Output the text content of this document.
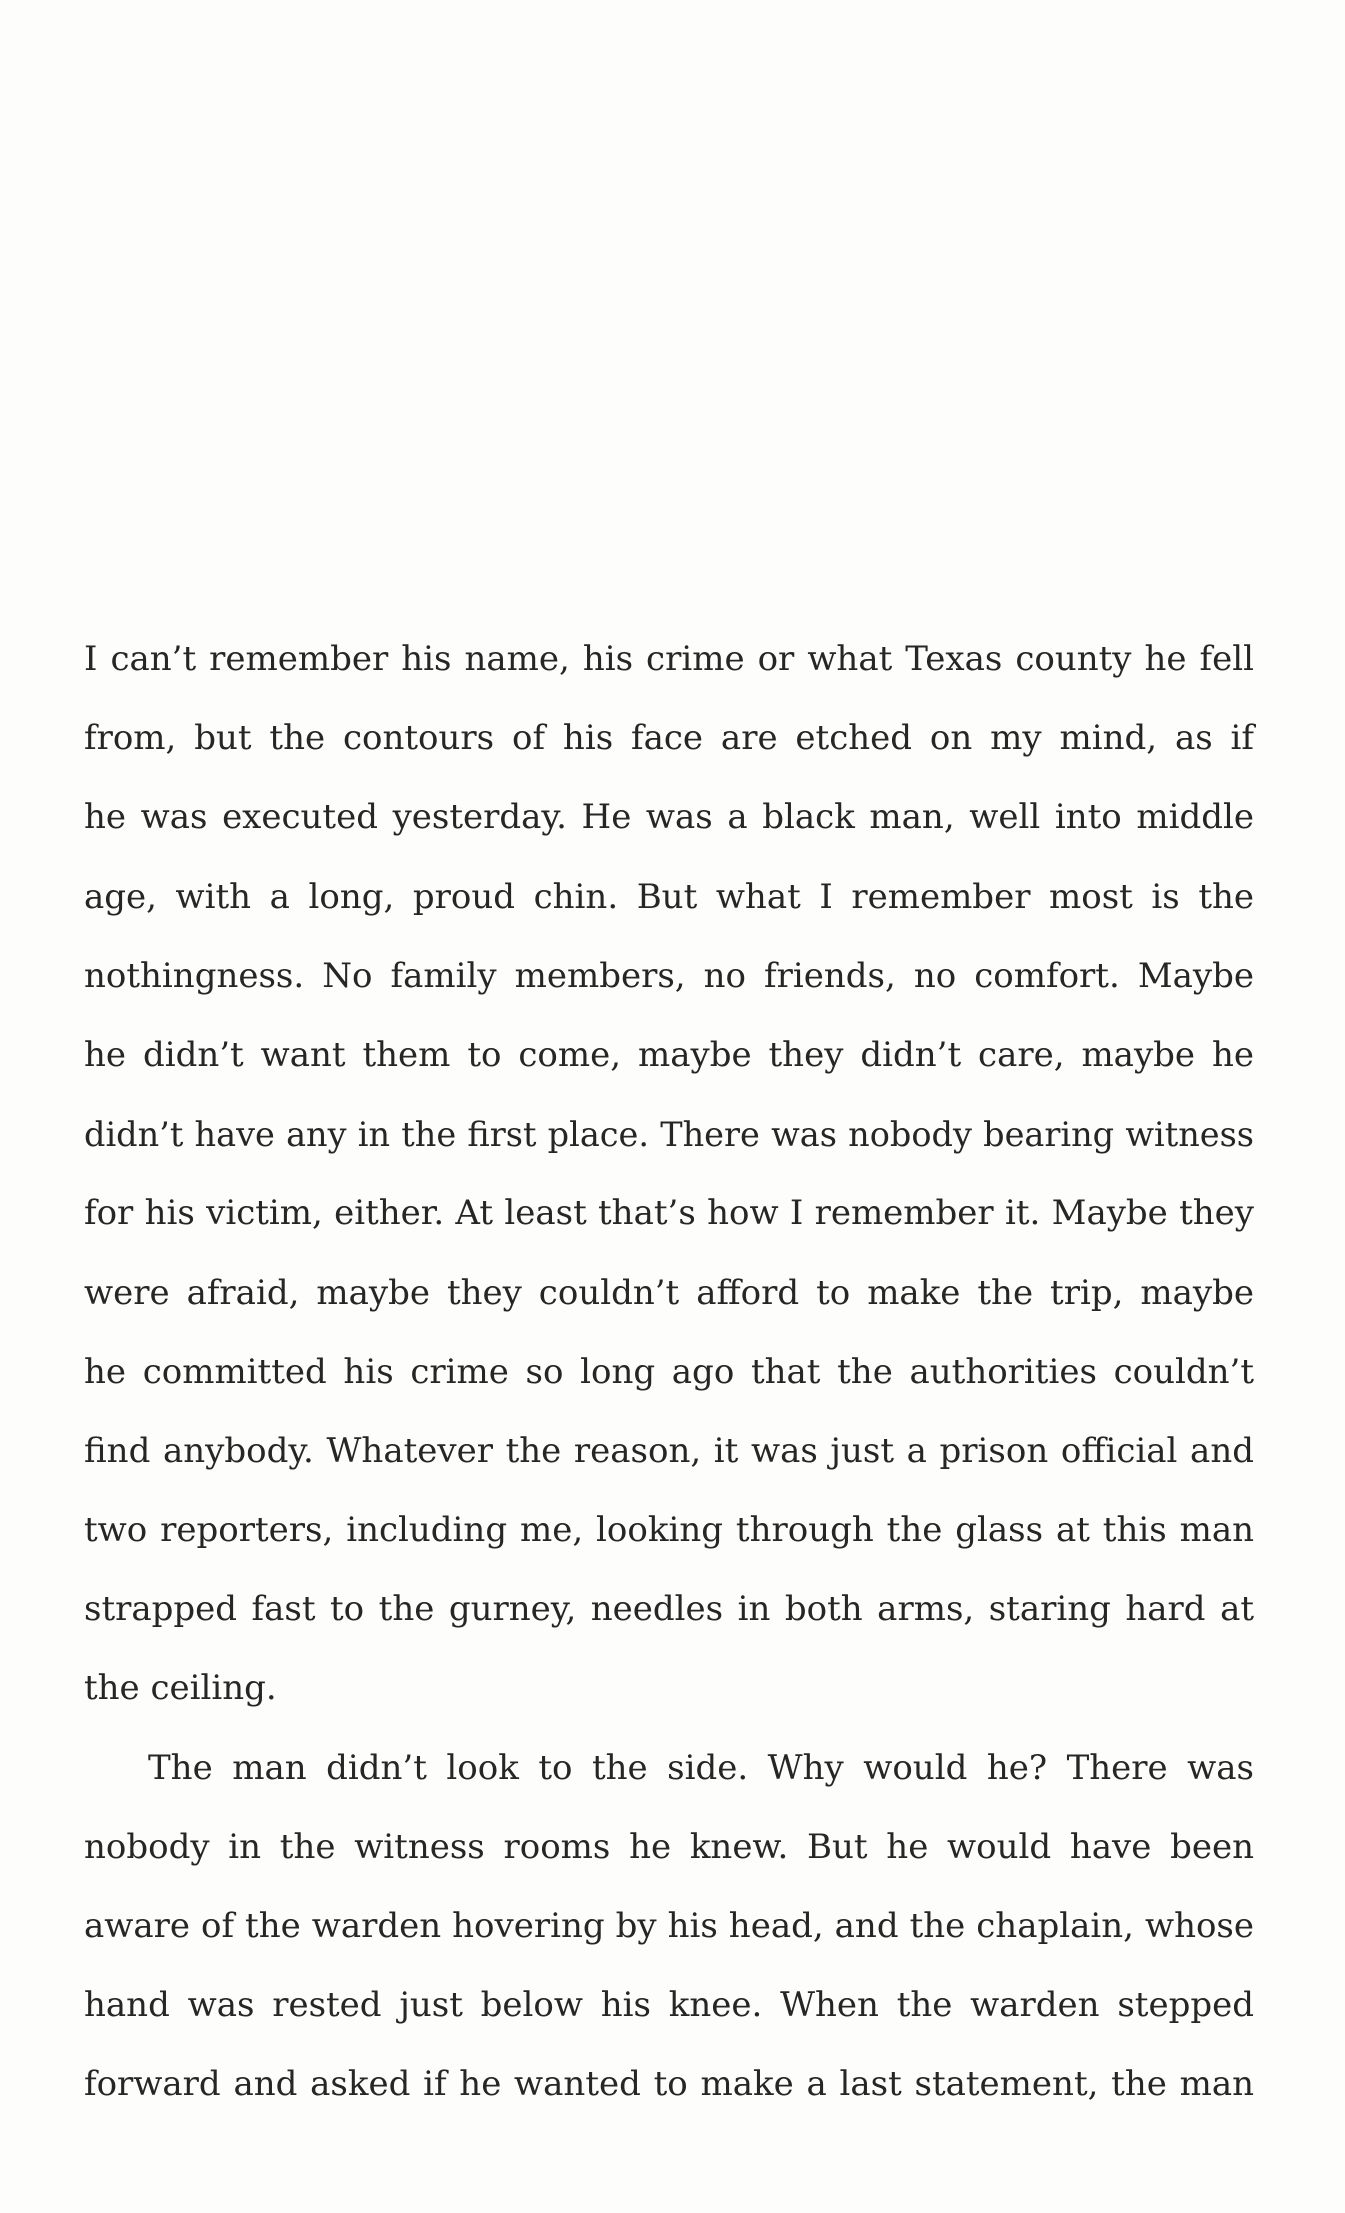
I can’t remember his name, his crime or what Texas county he fell
from, but the contours of his face are etched on my mind, as if
he was executed yesterday. He was a black man, well into middle
age, with a long, proud chin. But what I remember most is the
nothingness. No family members, no friends, no comfort. Maybe
he didn’t want them to come, maybe they didn’t care, maybe he
didn’t have any in the first place. There was nobody bearing witness
for his victim, either. At least that’s how I remember it. Maybe they
were afraid, maybe they couldn’t afford to make the trip, maybe
he committed his crime so long ago that the authorities couldn’t
find anybody. Whatever the reason, it was just a prison official and
two reporters, including me, looking through the glass at this man
strapped fast to the gurney, needles in both arms, staring hard at
the ceiling.
The man didn’t look to the side. Why would he? There was
nobody in the witness rooms he knew. But he would have been
aware of the warden hovering by his head, and the chaplain, whose
hand was rested just below his knee. When the warden stepped
forward and asked if he wanted to make a last statement, the man
